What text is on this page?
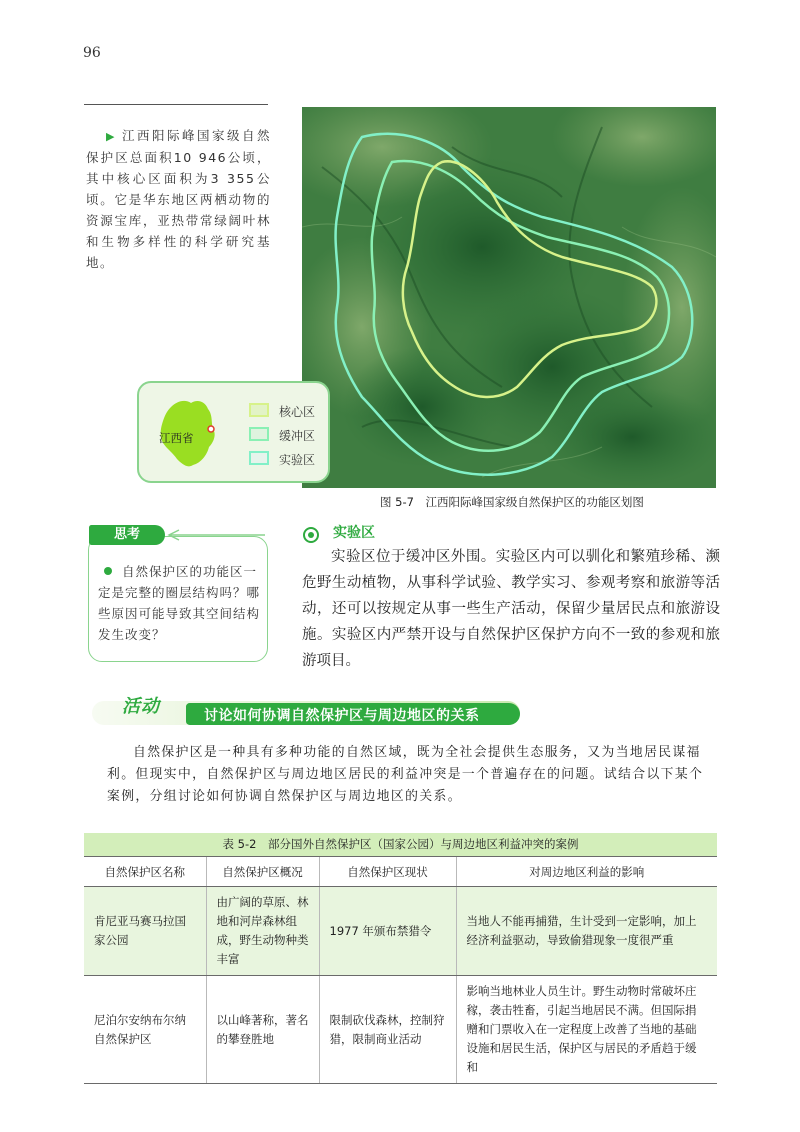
96
▶ 江西阳际峰国家级自然保护区总面积10 946公顷，其中核心区面积为3 355公顷。它是华东地区两栖动物的资源宝库，亚热带常绿阔叶林和生物多样性的科学研究基地。
江西省
核心区
缓冲区
实验区
图 5-7　江西阳际峰国家级自然保护区的功能区划图
思考
自然保护区的功能区一定是完整的圈层结构吗？哪些原因可能导致其空间结构发生改变？
实验区
实验区位于缓冲区外围。实验区内可以驯化和繁殖珍稀、濒危野生动植物，从事科学试验、教学实习、参观考察和旅游等活动，还可以按规定从事一些生产活动，保留少量居民点和旅游设施。实验区内严禁开设与自然保护区保护方向不一致的参观和旅游项目。
活动	讨论如何协调自然保护区与周边地区的关系
自然保护区是一种具有多种功能的自然区域，既为全社会提供生态服务，又为当地居民谋福利。但现实中，自然保护区与周边地区居民的利益冲突是一个普遍存在的问题。试结合以下某个案例，分组讨论如何协调自然保护区与周边地区的关系。
表 5-2　部分国外自然保护区（国家公园）与周边地区利益冲突的案例
自然保护区名称	自然保护区概况	自然保护区现状	对周边地区利益的影响
肯尼亚马赛马拉国家公园	由广阔的草原、林地和河岸森林组成，野生动物种类丰富	1977 年颁布禁猎令	当地人不能再捕猎，生计受到一定影响，加上经济利益驱动，导致偷猎现象一度很严重
尼泊尔安纳布尔纳自然保护区	以山峰著称，著名的攀登胜地	限制砍伐森林，控制狩猎，限制商业活动	影响当地林业人员生计。野生动物时常破坏庄稼，袭击牲畜，引起当地居民不满。但国际捐赠和门票收入在一定程度上改善了当地的基础设施和居民生活，保护区与居民的矛盾趋于缓和
